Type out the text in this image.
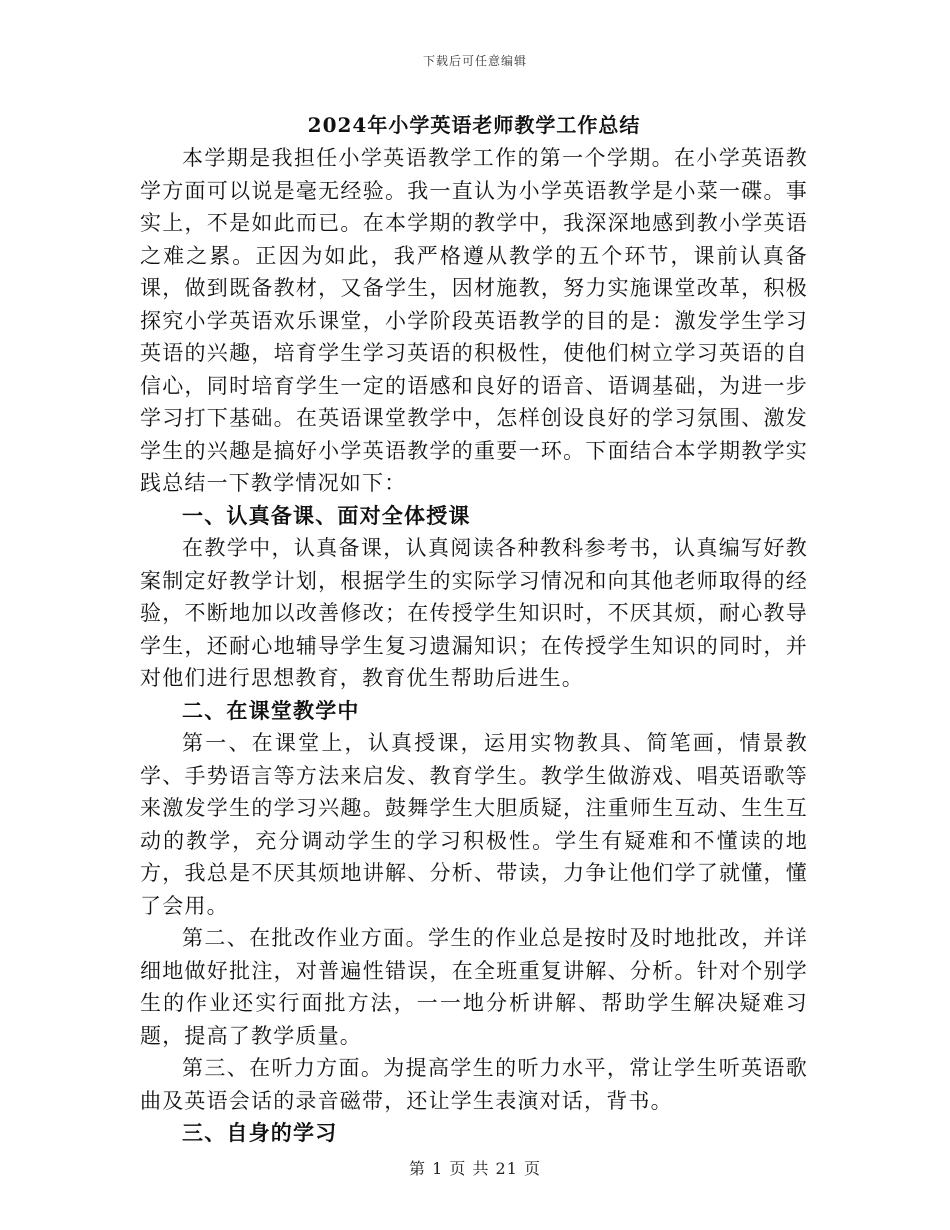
下载后可任意编辑
2024年小学英语老师教学工作总结

本学期是我担任小学英语教学工作的第一个学期。在小学英语教学方面可以说是毫无经验。我一直认为小学英语教学是小菜一碟。事实上，不是如此而已。在本学期的教学中，我深深地感到教小学英语之难之累。正因为如此，我严格遵从教学的五个环节，课前认真备课，做到既备教材，又备学生，因材施教，努力实施课堂改革，积极探究小学英语欢乐课堂，小学阶段英语教学的目的是：激发学生学习英语的兴趣，培育学生学习英语的积极性，使他们树立学习英语的自信心，同时培育学生一定的语感和良好的语音、语调基础，为进一步学习打下基础。在英语课堂教学中，怎样创设良好的学习氛围、激发学生的兴趣是搞好小学英语教学的重要一环。下面结合本学期教学实践总结一下教学情况如下：

一、认真备课、面对全体授课

在教学中，认真备课，认真阅读各种教科参考书，认真编写好教案制定好教学计划，根据学生的实际学习情况和向其他老师取得的经验，不断地加以改善修改；在传授学生知识时，不厌其烦，耐心教导学生，还耐心地辅导学生复习遗漏知识；在传授学生知识的同时，并对他们进行思想教育，教育优生帮助后进生。

二、在课堂教学中

第一、在课堂上，认真授课，运用实物教具、简笔画，情景教学、手势语言等方法来启发、教育学生。教学生做游戏、唱英语歌等来激发学生的学习兴趣。鼓舞学生大胆质疑，注重师生互动、生生互动的教学，充分调动学生的学习积极性。学生有疑难和不懂读的地方，我总是不厌其烦地讲解、分析、带读，力争让他们学了就懂，懂了会用。

第二、在批改作业方面。学生的作业总是按时及时地批改，并详细地做好批注，对普遍性错误，在全班重复讲解、分析。针对个别学生的作业还实行面批方法，一一地分析讲解、帮助学生解决疑难习题，提高了教学质量。

第三、在听力方面。为提高学生的听力水平，常让学生听英语歌曲及英语会话的录音磁带，还让学生表演对话，背书。

三、自身的学习

第 1 页 共 21 页
